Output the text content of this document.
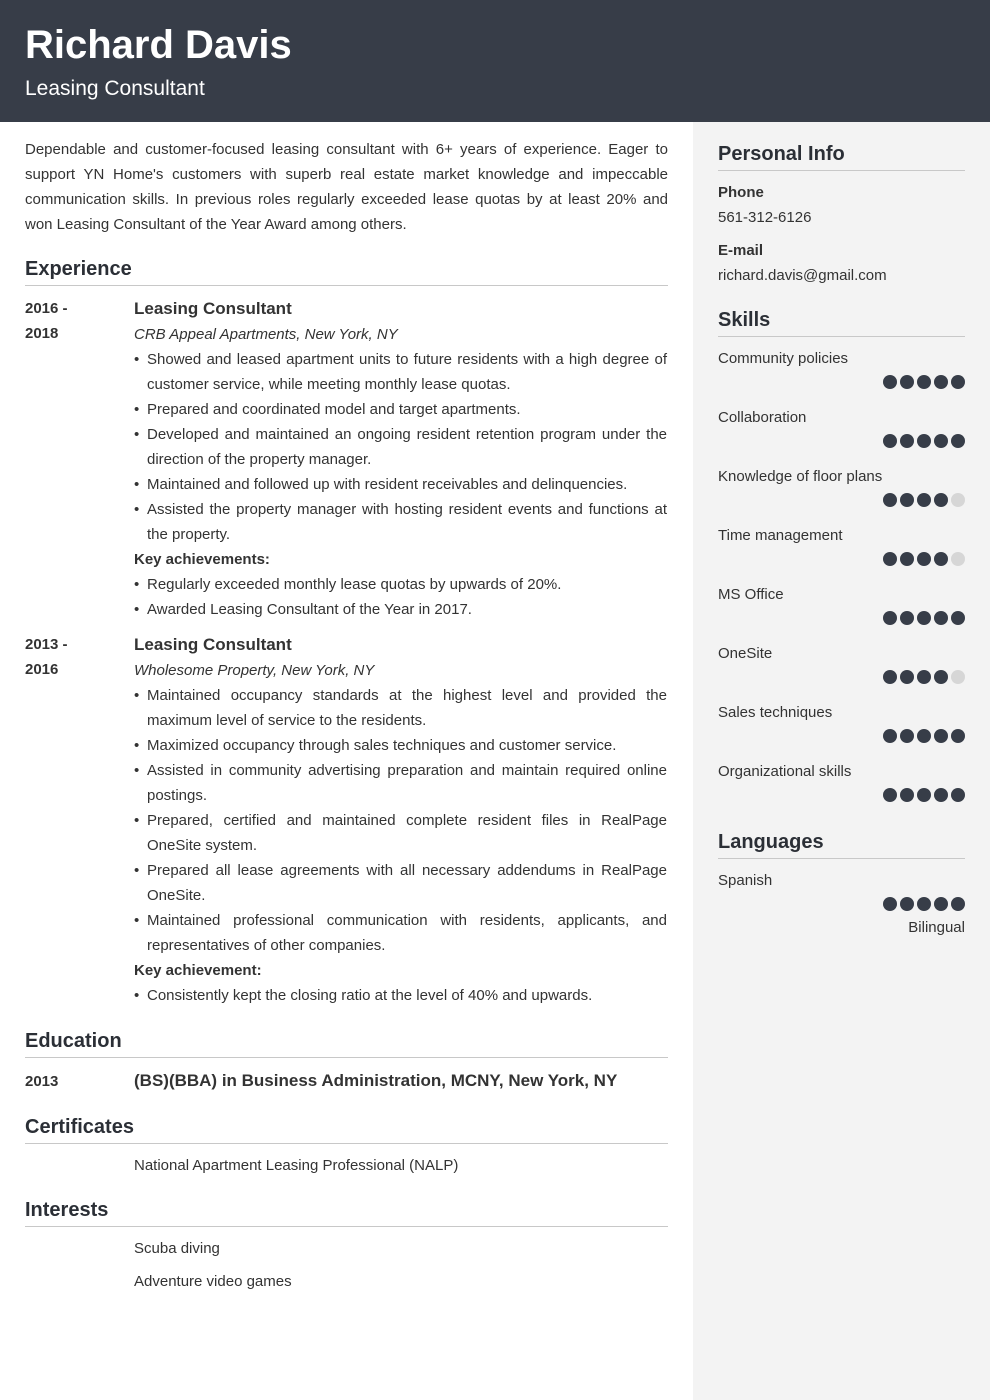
Richard Davis
Leasing Consultant
Dependable and customer-focused leasing consultant with 6+ years of experience. Eager to support YN Home's customers with superb real estate market knowledge and impeccable communication skills. In previous roles regularly exceeded lease quotas by at least 20% and won Leasing Consultant of the Year Award among others.
Experience
2016 -
2018
Leasing Consultant
CRB Appeal Apartments, New York, NY
• Showed and leased apartment units to future residents with a high degree of customer service, while meeting monthly lease quotas.
• Prepared and coordinated model and target apartments.
• Developed and maintained an ongoing resident retention program under the direction of the property manager.
• Maintained and followed up with resident receivables and delinquencies.
• Assisted the property manager with hosting resident events and functions at the property.
Key achievements:
• Regularly exceeded monthly lease quotas by upwards of 20%.
• Awarded Leasing Consultant of the Year in 2017.
2013 -
2016
Leasing Consultant
Wholesome Property, New York, NY
• Maintained occupancy standards at the highest level and provided the maximum level of service to the residents.
• Maximized occupancy through sales techniques and customer service.
• Assisted in community advertising preparation and maintain required online postings.
• Prepared, certified and maintained complete resident files in RealPage OneSite system.
• Prepared all lease agreements with all necessary addendums in RealPage OneSite.
• Maintained professional communication with residents, applicants, and representatives of other companies.
Key achievement:
• Consistently kept the closing ratio at the level of 40% and upwards.
Education
2013	(BS)(BBA) in Business Administration, MCNY, New York, NY
Certificates
National Apartment Leasing Professional (NALP)
Interests
Scuba diving
Adventure video games
Personal Info
Phone
561-312-6126
E-mail
richard.davis@gmail.com
Skills
Community policies
Collaboration
Knowledge of floor plans
Time management
MS Office
OneSite
Sales techniques
Organizational skills
Languages
Spanish
Bilingual
